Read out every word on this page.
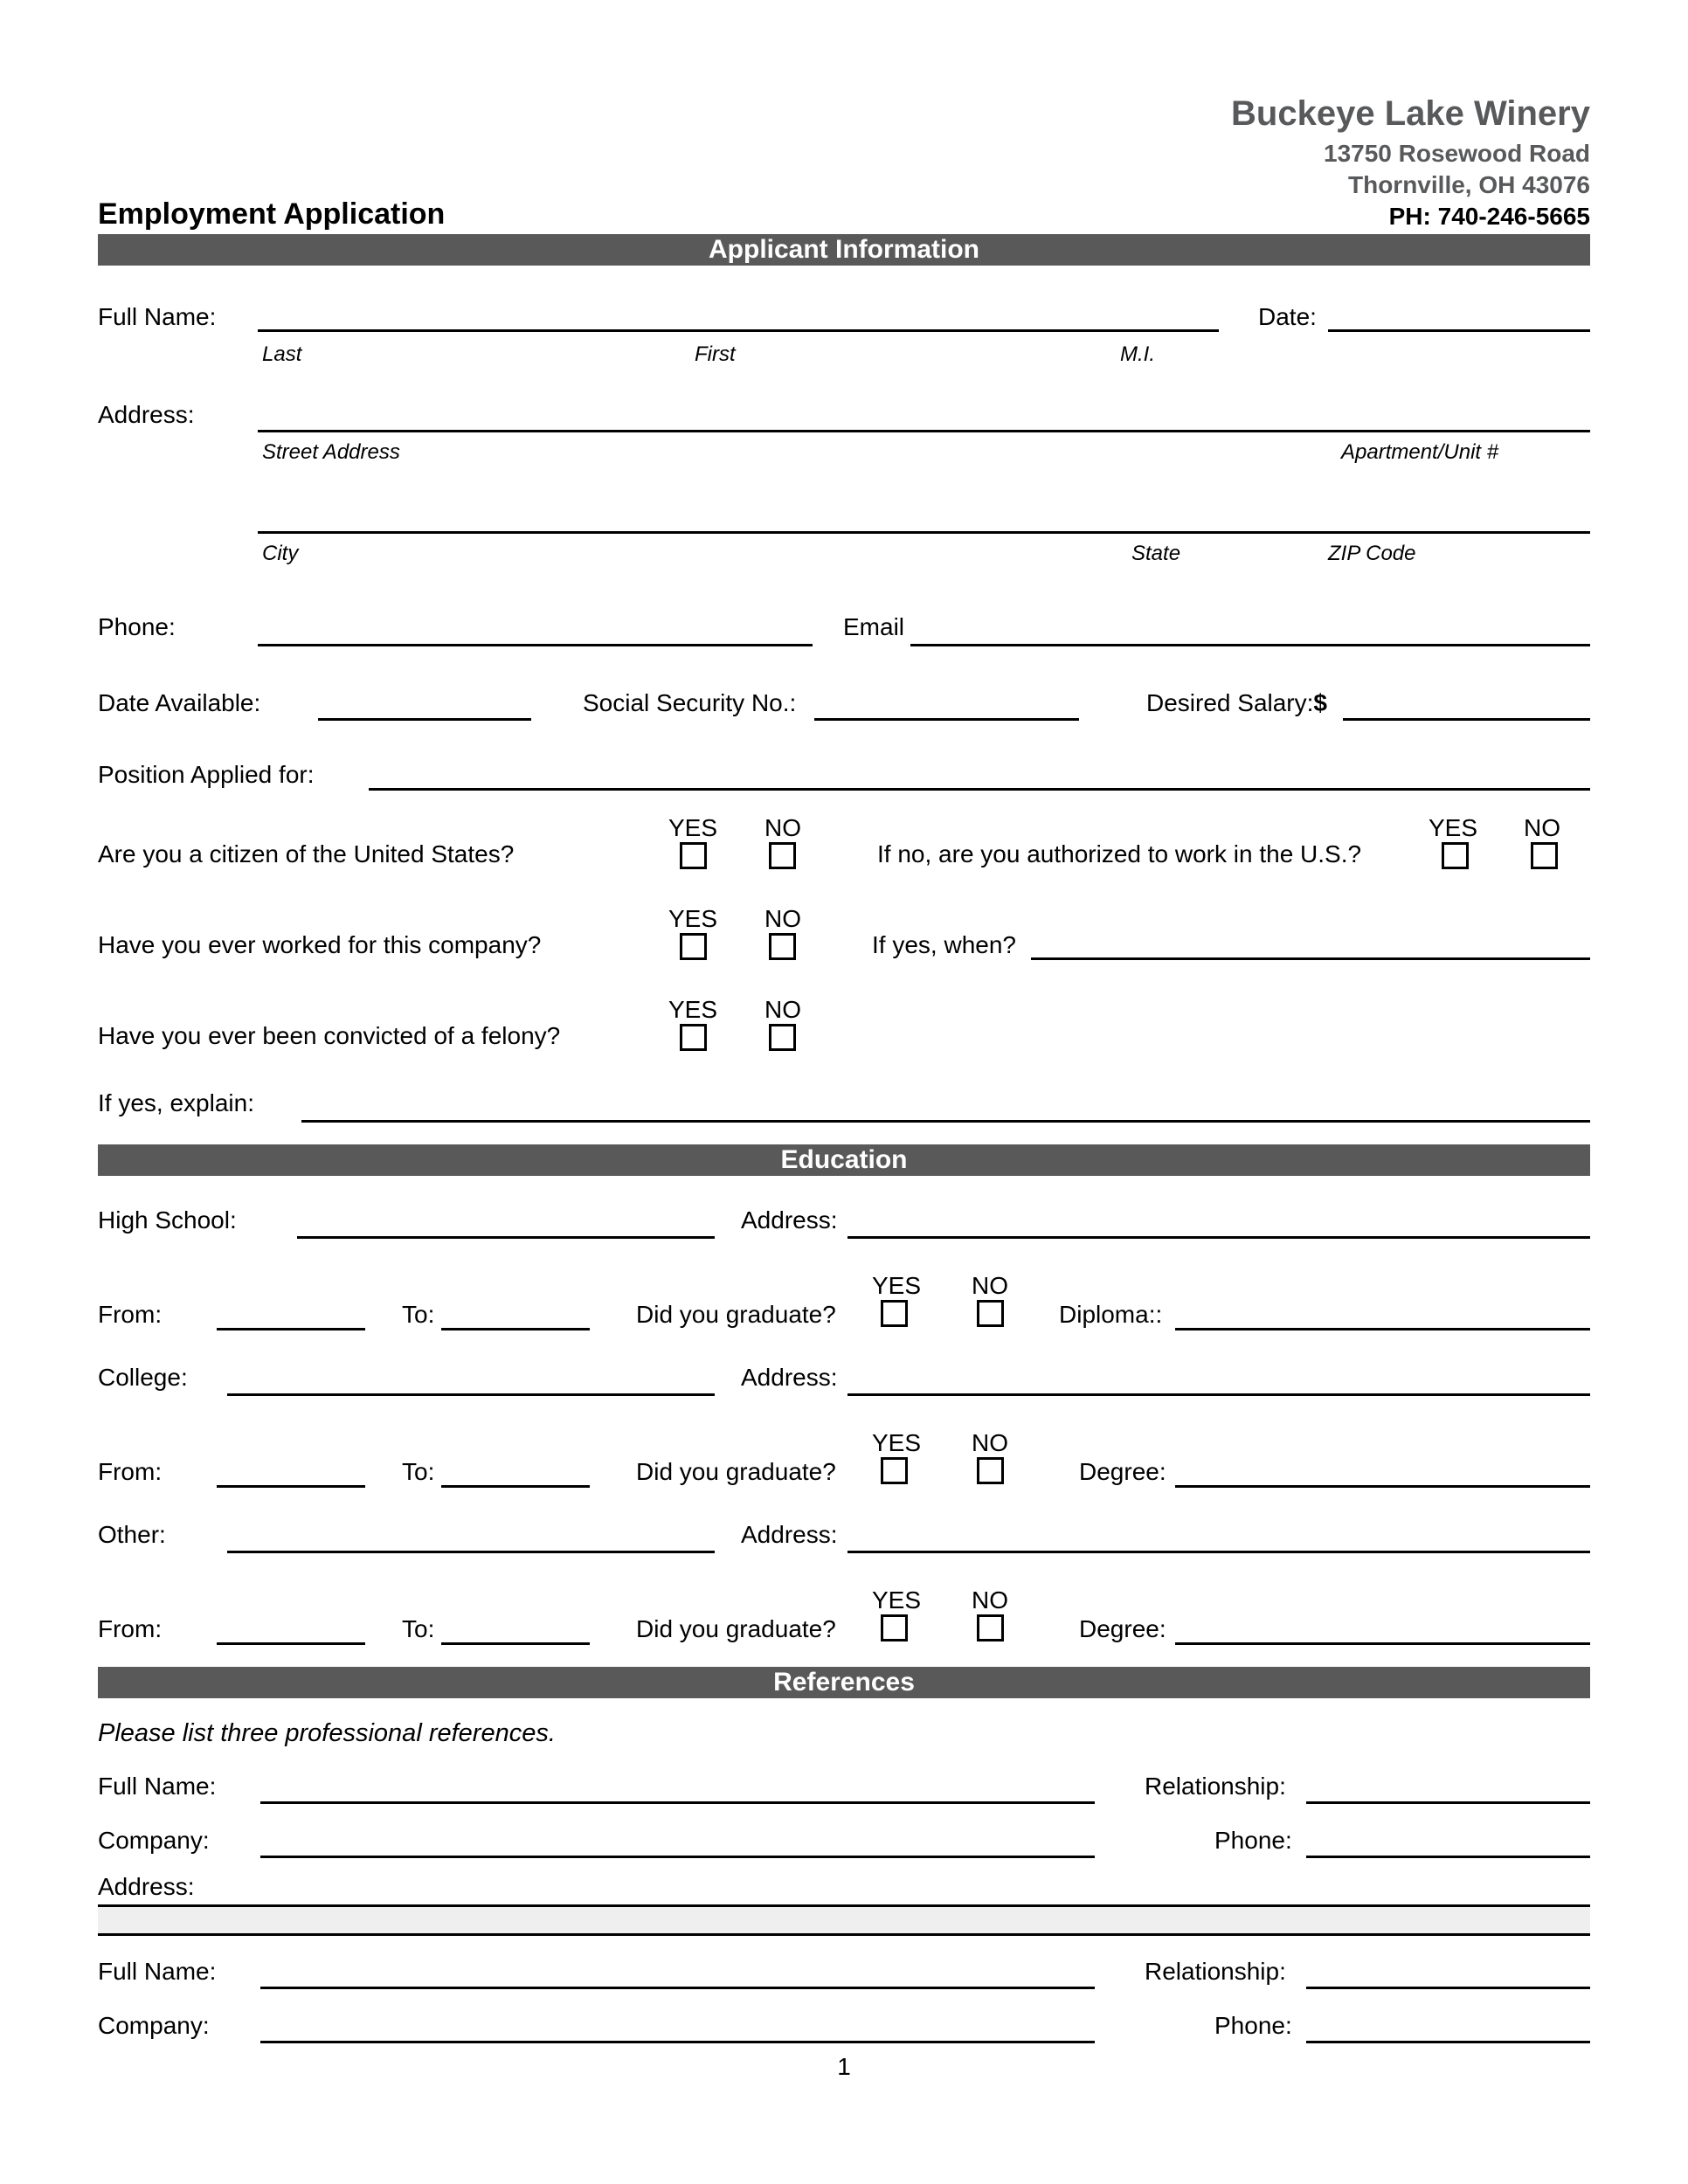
Buckeye Lake Winery
13750 Rosewood Road
Thornville, OH 43076
Employment Application	PH: 740-246-5665
Applicant Information
Full Name:	Date:
Last	First	M.I.
Address:
Street Address	Apartment/Unit #
City	State	ZIP Code
Phone:	Email
Date Available:	Social Security No.:	Desired Salary:$
Position Applied for:
YES NO
Are you a citizen of the United States?	If no, are you authorized to work in the U.S.?
YES NO
YES NO
Have you ever worked for this company?	If yes, when?
YES NO
Have you ever been convicted of a felony?
If yes, explain:
Education
High School:	Address:
YES NO
From:	To:	Did you graduate?	Diploma::
College:	Address:
YES NO
From:	To:	Did you graduate?	Degree:
Other:	Address:
YES NO
From:	To:	Did you graduate?	Degree:
References
Please list three professional references.
Full Name:	Relationship:
Company:	Phone:
Address:
Full Name:	Relationship:
Company:	Phone:
1
